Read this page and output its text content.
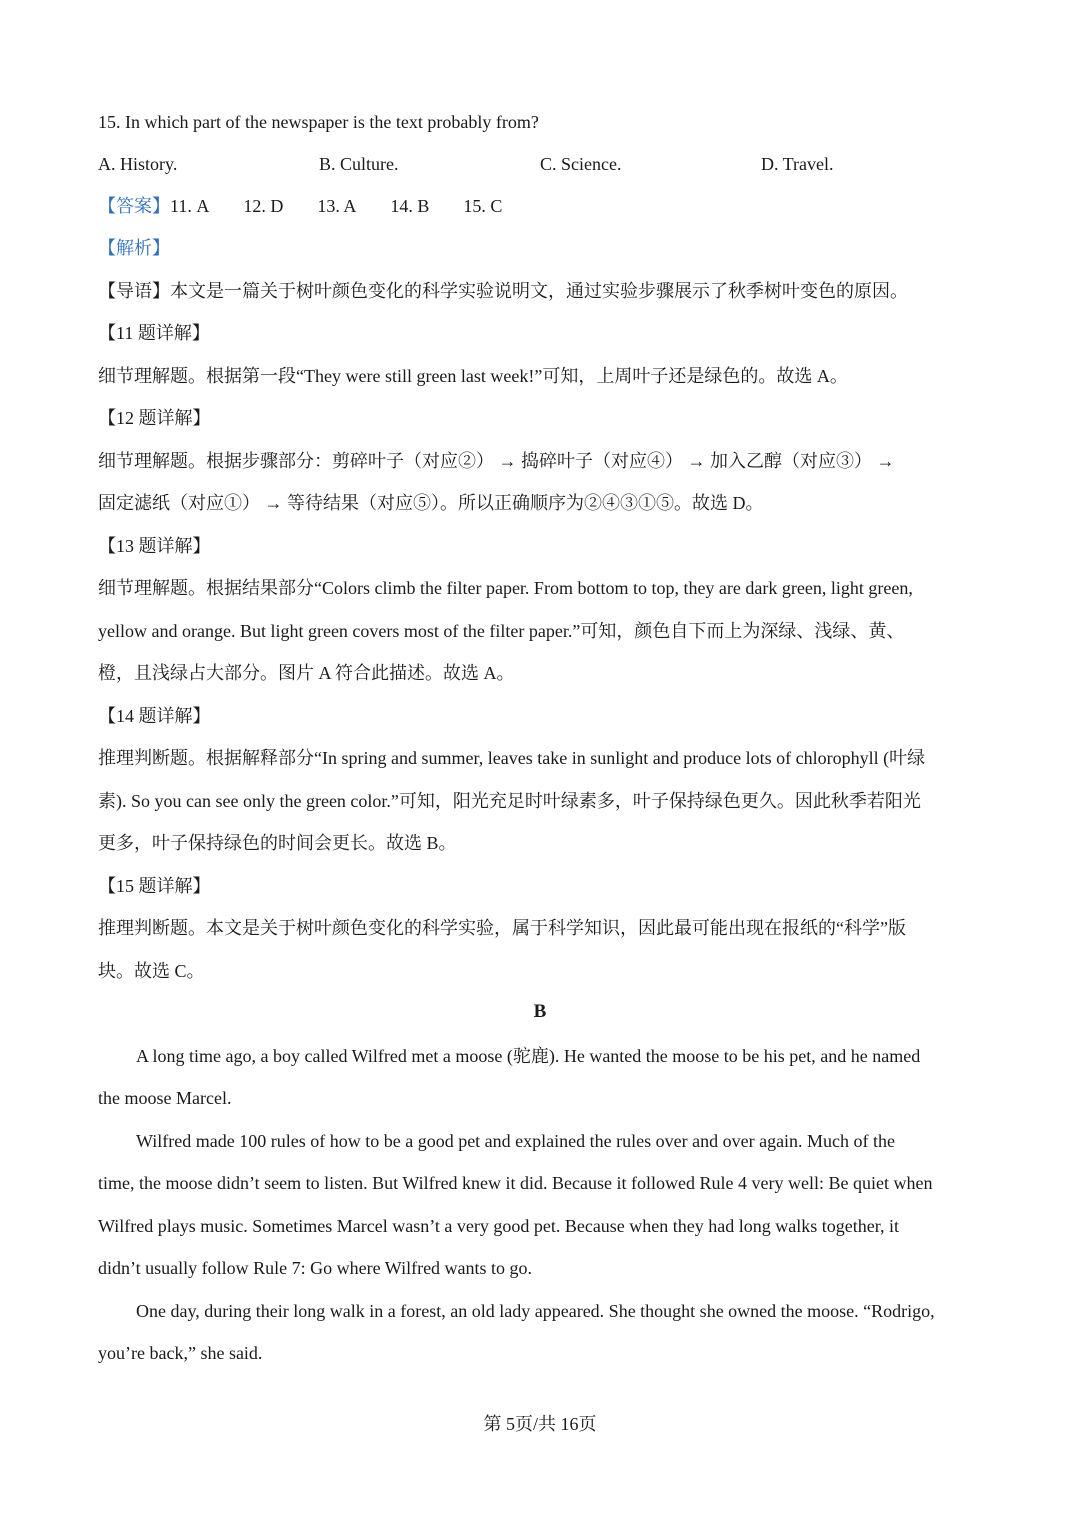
15. In which part of the newspaper is the text probably from?
A. History.	B. Culture.	C. Science.	D. Travel.
【答案】11. A 12. D 13. A 14. B 15. C
【解析】
【导语】本文是一篇关于树叶颜色变化的科学实验说明文，通过实验步骤展示了秋季树叶变色的原因。
【11 题详解】
细节理解题。根据第一段“They were still green last week!”可知，上周叶子还是绿色的。故选 A。
【12 题详解】
细节理解题。根据步骤部分：剪碎叶子（对应②） → 捣碎叶子（对应④） → 加入乙醇（对应③） →
固定滤纸（对应①） → 等待结果（对应⑤）。所以正确顺序为②④③①⑤。故选 D。
【13 题详解】
细节理解题。根据结果部分“Colors climb the filter paper. From bottom to top, they are dark green, light green,
yellow and orange. But light green covers most of the filter paper.”可知，颜色自下而上为深绿、浅绿、黄、
橙，且浅绿占大部分。图片 A 符合此描述。故选 A。
【14 题详解】
推理判断题。根据解释部分“In spring and summer, leaves take in sunlight and produce lots of chlorophyll (叶绿
素). So you can see only the green color.”可知，阳光充足时叶绿素多，叶子保持绿色更久。因此秋季若阳光
更多，叶子保持绿色的时间会更长。故选 B。
【15 题详解】
推理判断题。本文是关于树叶颜色变化的科学实验，属于科学知识，因此最可能出现在报纸的“科学”版
块。故选 C。
B
A long time ago, a boy called Wilfred met a moose (驼鹿). He wanted the moose to be his pet, and he named
the moose Marcel.
Wilfred made 100 rules of how to be a good pet and explained the rules over and over again. Much of the
time, the moose didn’t seem to listen. But Wilfred knew it did. Because it followed Rule 4 very well: Be quiet when
Wilfred plays music. Sometimes Marcel wasn’t a very good pet. Because when they had long walks together, it
didn’t usually follow Rule 7: Go where Wilfred wants to go.
One day, during their long walk in a forest, an old lady appeared. She thought she owned the moose. “Rodrigo,
you’re back,” she said.
第 5页/共 16页
